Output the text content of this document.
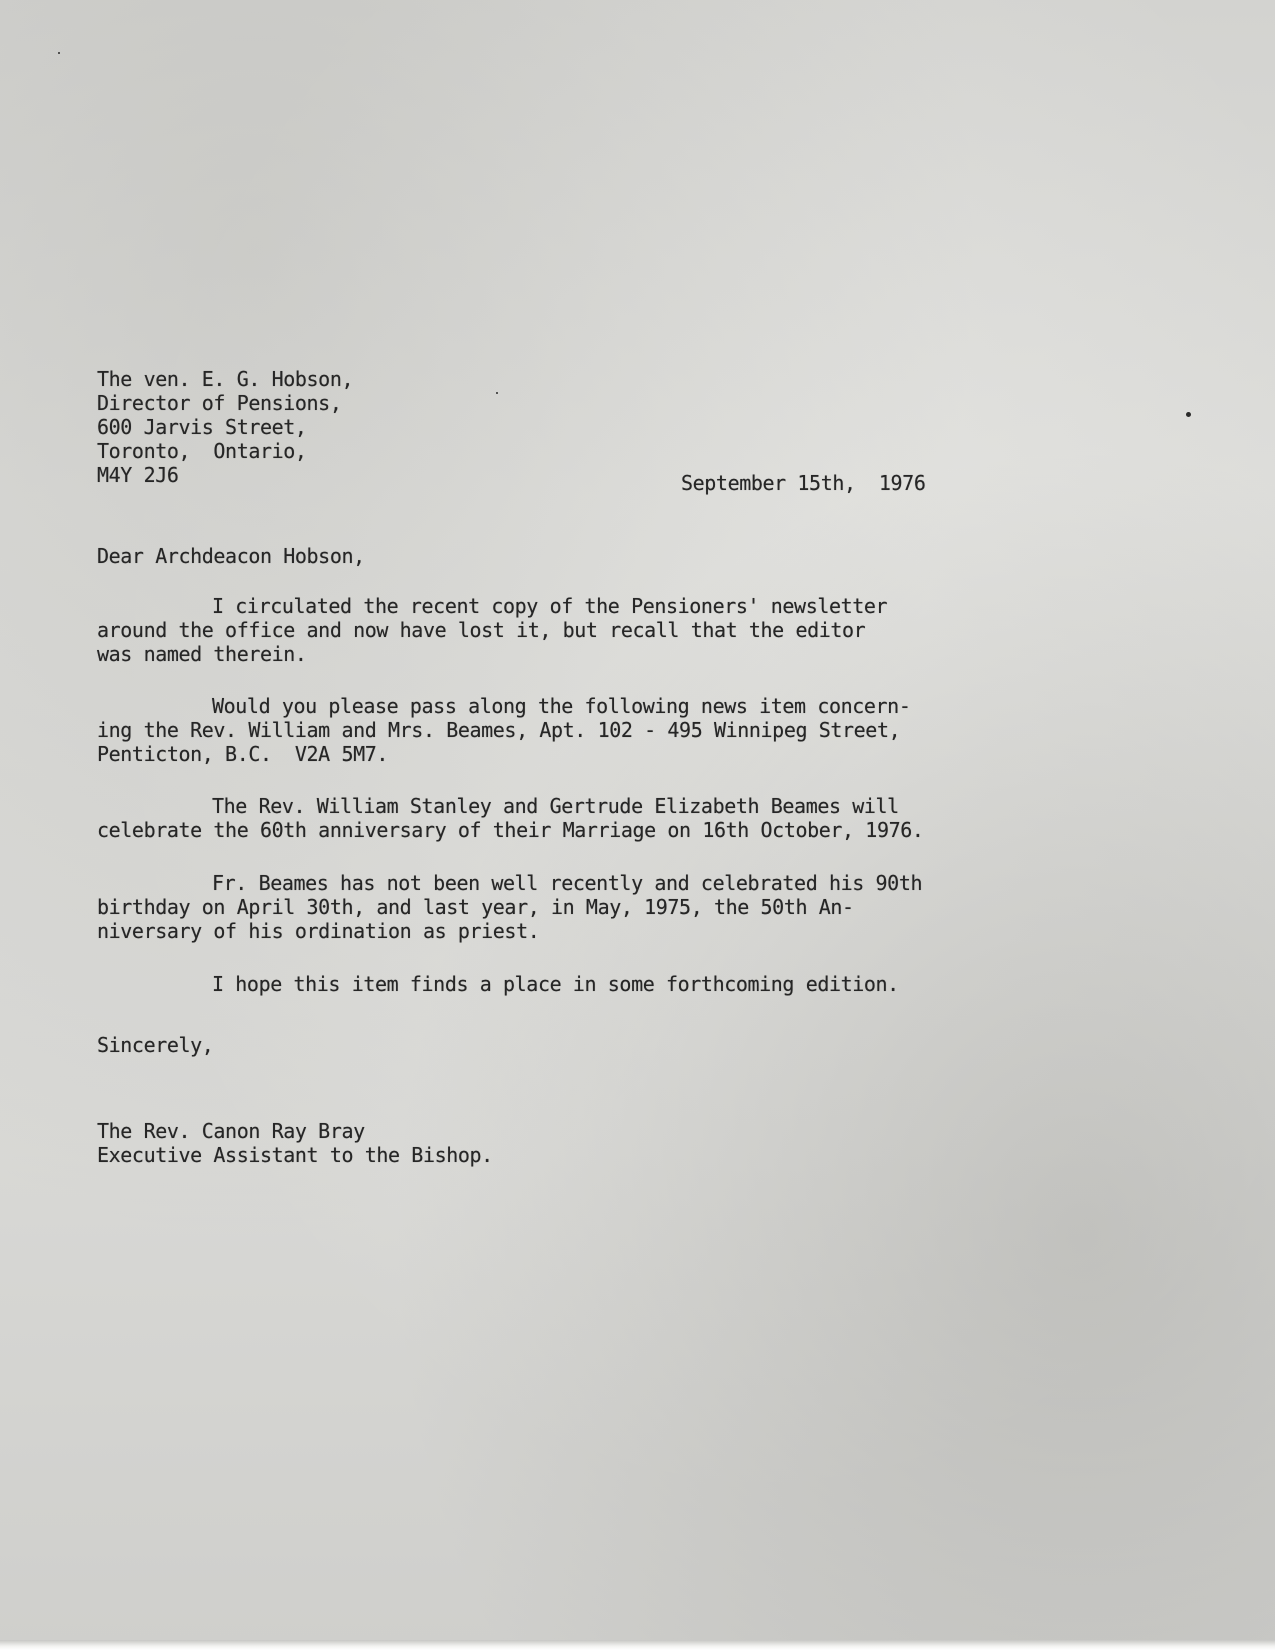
The ven. E. G. Hobson,
Director of Pensions,
600 Jarvis Street,
Toronto,  Ontario,
M4Y 2J6	September 15th,  1976
Dear Archdeacon Hobson,
I circulated the recent copy of the Pensioners' newsletter
around the office and now have lost it, but recall that the editor
was named therein.
Would you please pass along the following news item concern-
ing the Rev. William and Mrs. Beames, Apt. 102 - 495 Winnipeg Street,
Penticton, B.C.  V2A 5M7.
The Rev. William Stanley and Gertrude Elizabeth Beames will
celebrate the 60th anniversary of their Marriage on 16th October, 1976.
Fr. Beames has not been well recently and celebrated his 90th
birthday on April 30th, and last year, in May, 1975, the 50th An-
niversary of his ordination as priest.
I hope this item finds a place in some forthcoming edition.
Sincerely,
The Rev. Canon Ray Bray
Executive Assistant to the Bishop.
